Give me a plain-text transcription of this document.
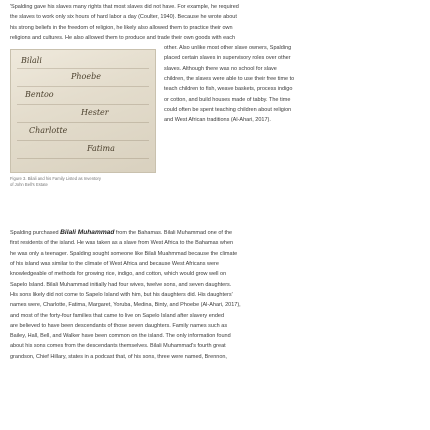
'Spalding gave his slaves many rights that most slaves did not have. For example, he required

the slaves to work only six hours of hard labor a day (Coulter, 1940). Because he wrote about

his strong beliefs in the freedom of religion, he likely also allowed them to practice their own

religions and cultures. He also allowed them to produce and trade their own goods with each

Bilali
Phoebe
Bentoo
Hester
Charlotte
Fatima
Figure 3. Bilali and his Family Listed as Inventory of John Bell's Estate

other. Also unlike most other slave owners, Spalding

placed certain slaves in supervisory roles over other

slaves. Although there was no school for slave

children, the slaves were able to use their free time to

teach children to fish, weave baskets, process indigo

or cotton, and build houses made of tabby. The time

could often be spent teaching children about religion

and West African traditions (Al-Ahari, 2017).

Spalding purchased Bilali Muhammad from the Bahamas. Bilali Muhammad one of the

first residents of the island. He was taken as a slave from West Africa to the Bahamas when

he was only a teenager. Spalding sought someone like Bilali Muahmmad because the climate

of his island was similar to the climate of West Africa and because West Africans were

knowledgeable of methods for growing rice, indigo, and cotton, which would grow well on

Sapelo Island. Bilali Muhammad initially had four wives, twelve sons, and seven daughters.

His sons likely did not come to Sapelo Island with him, but his daughters did. His daughters'

names were, Charlotte, Fatima, Margaret, Yoruba, Medina, Binty, and Phoebe (Al-Ahari, 2017),

and most of the forty-four families that came to live on Sapelo Island after slavery ended

are believed to have been descendants of those seven daughters. Family names such as

Bailey, Hall, Bell, and Walker have been common on the island. The only information found

about his sons comes from the descendants themselves. Bilali Muhammad's fourth great

grandson, Chief Hillary, states in a podcast that, of his sons, three were named, Brennon,
